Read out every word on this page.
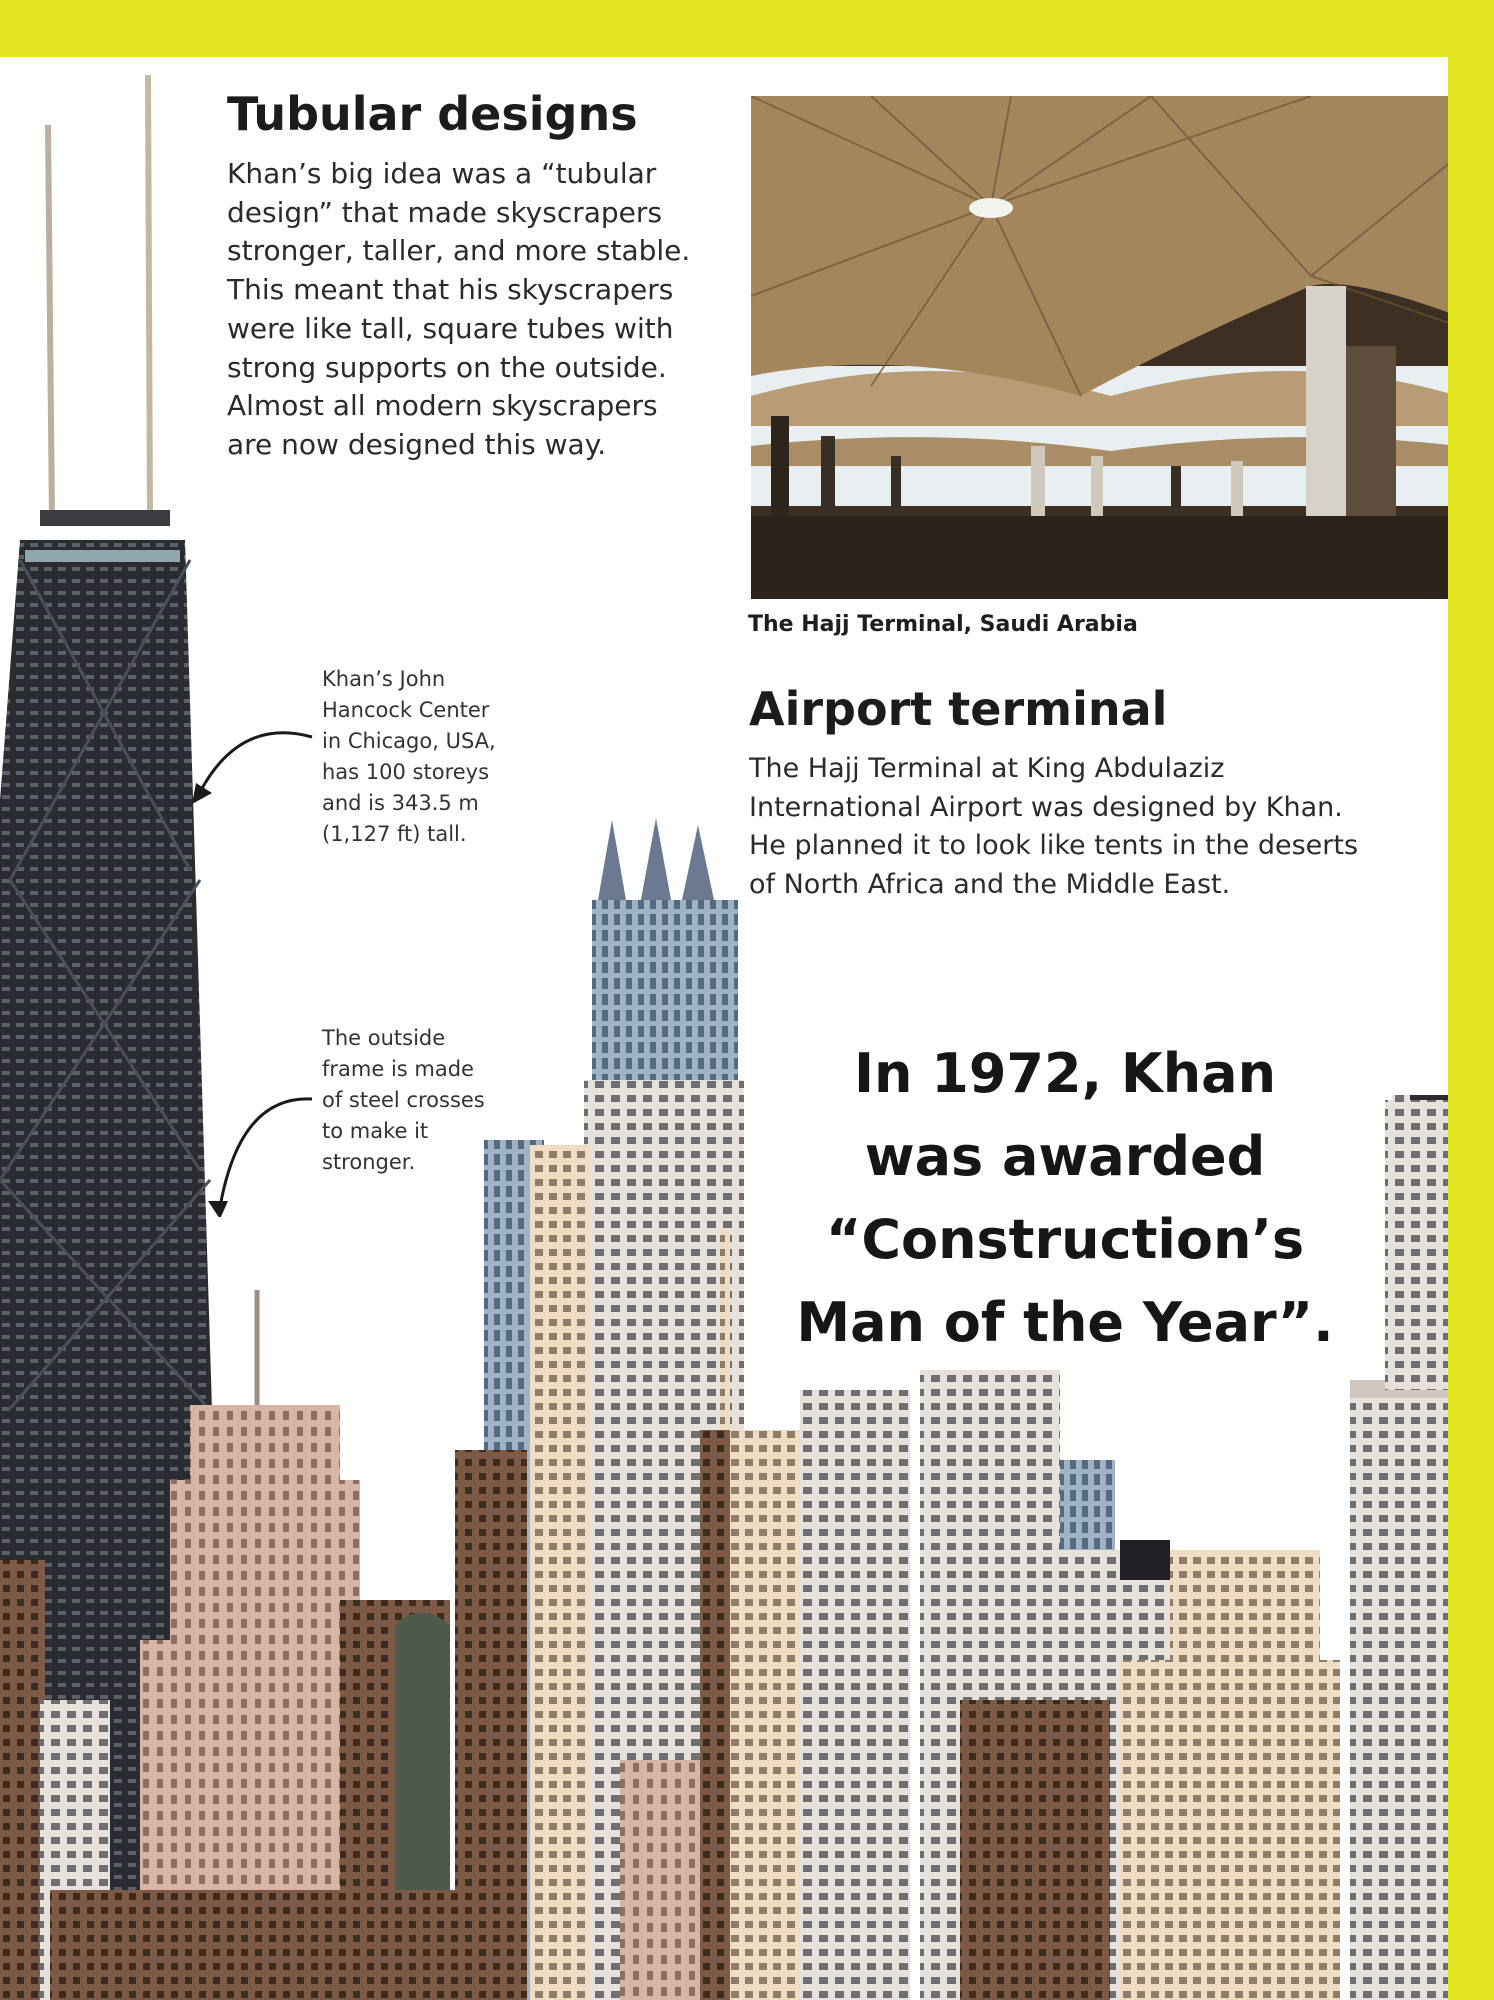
Tubular designs
Khan’s big idea was a “tubular
design” that made skyscrapers
stronger, taller, and more stable.
This meant that his skyscrapers
were like tall, square tubes with
strong supports on the outside.
Almost all modern skyscrapers
are now designed this way.

The Hajj Terminal, Saudi Arabia

Airport terminal
The Hajj Terminal at King Abdulaziz
International Airport was designed by Khan.
He planned it to look like tents in the deserts
of North Africa and the Middle East.
Khan’s John
Hancock Center
in Chicago, USA,
has 100 storeys
and is 343.5 m
(1,127 ft) tall.
The outside
frame is made
of steel crosses
to make it
stronger.
In 1972, Khan
was awarded
“Construction’s
Man of the Year”.
